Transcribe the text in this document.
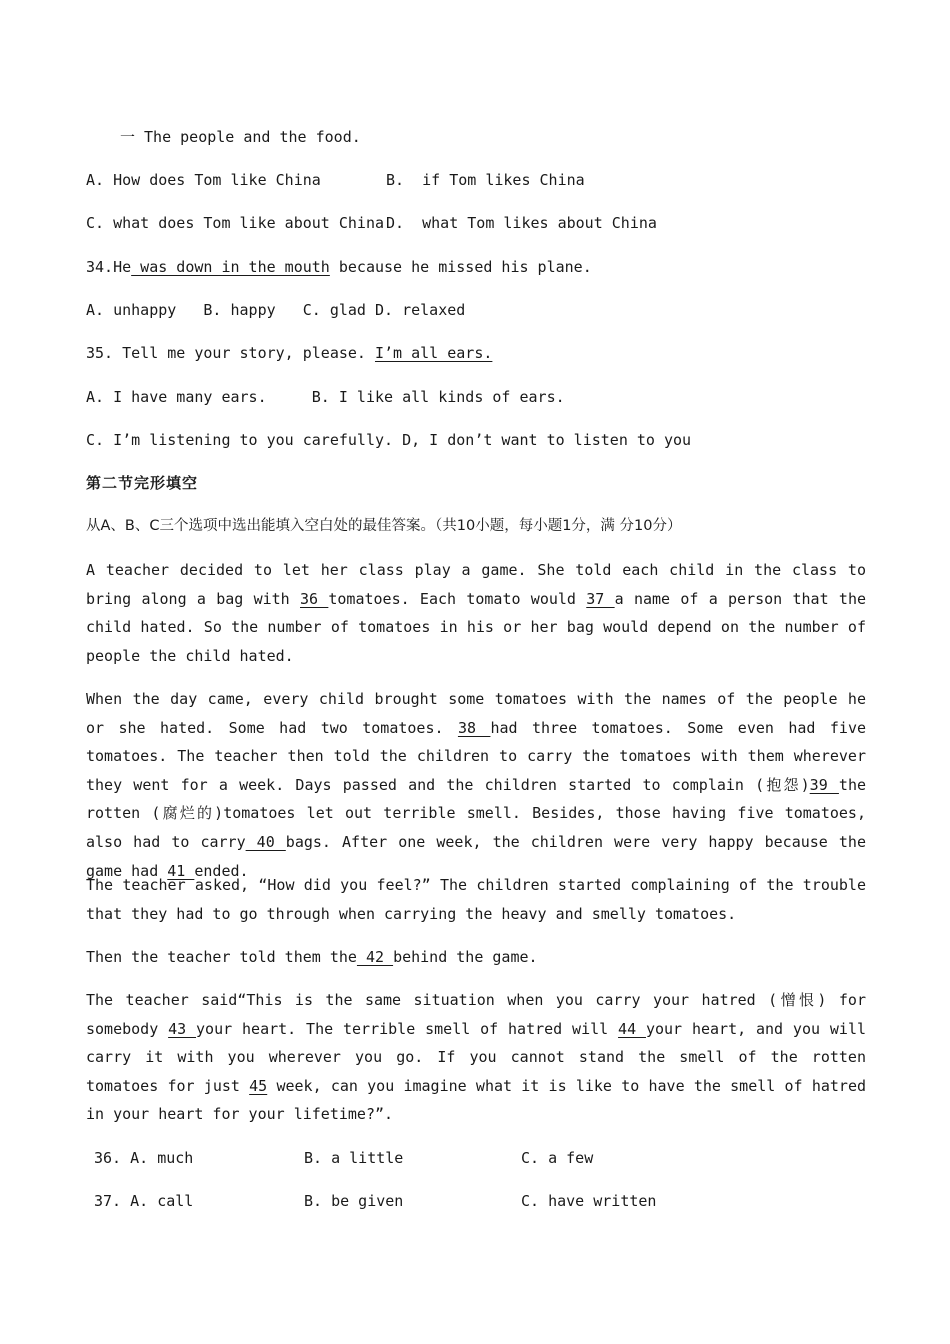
一 The people and the food.
A. How does Tom like China	B.  if Tom likes China
C. what does Tom like about China D.  what Tom likes about China
34.He was down in the mouth because he missed his plane.
A. unhappy   B. happy   C. glad D. relaxed
35. Tell me your story, please. I’m all ears.
A. I have many ears.     B. I like all kinds of ears.
C. I’m listening to you carefully. D, I don’t want to listen to you
第二节完形填空
从A、B、C三个选项中选出能填入空白处的最佳答案。（共10小题，每小题1分，满 分10分）
A teacher decided to let her class play a game. She told each child in the class to bring along a bag with 36 tomatoes. Each tomato would 37 a name of a person that the child hated. So the number of tomatoes in his or her bag would depend on the number of people the child hated.
When the day came, every child brought some tomatoes with the names of the people he or she hated. Some had two tomatoes. 38 had three tomatoes. Some even had five tomatoes. The teacher then told the children to carry the tomatoes with them wherever they went for a week. Days passed and the children started to complain (抱怨)39 the rotten (腐烂的)tomatoes let out terrible smell. Besides, those having five tomatoes, also had to carry 40 bags. After one week, the children were very happy because the game had 41 ended.
The teacher asked, “How did you feel?” The children started complaining of the trouble that they had to go through when carrying the heavy and smelly tomatoes.
Then the teacher told them the 42 behind the game.
The teacher said“This is the same situation when you carry your hatred (憎恨) for somebody 43 your heart. The terrible smell of hatred will 44 your heart, and you will carry it with you wherever you go. If you cannot stand the smell of the rotten tomatoes for just 45 week, can you imagine what it is like to have the smell of hatred in your heart for your lifetime?”.
36. A. much	B. a little	C. a few
37. A. call	B. be given	C. have written
